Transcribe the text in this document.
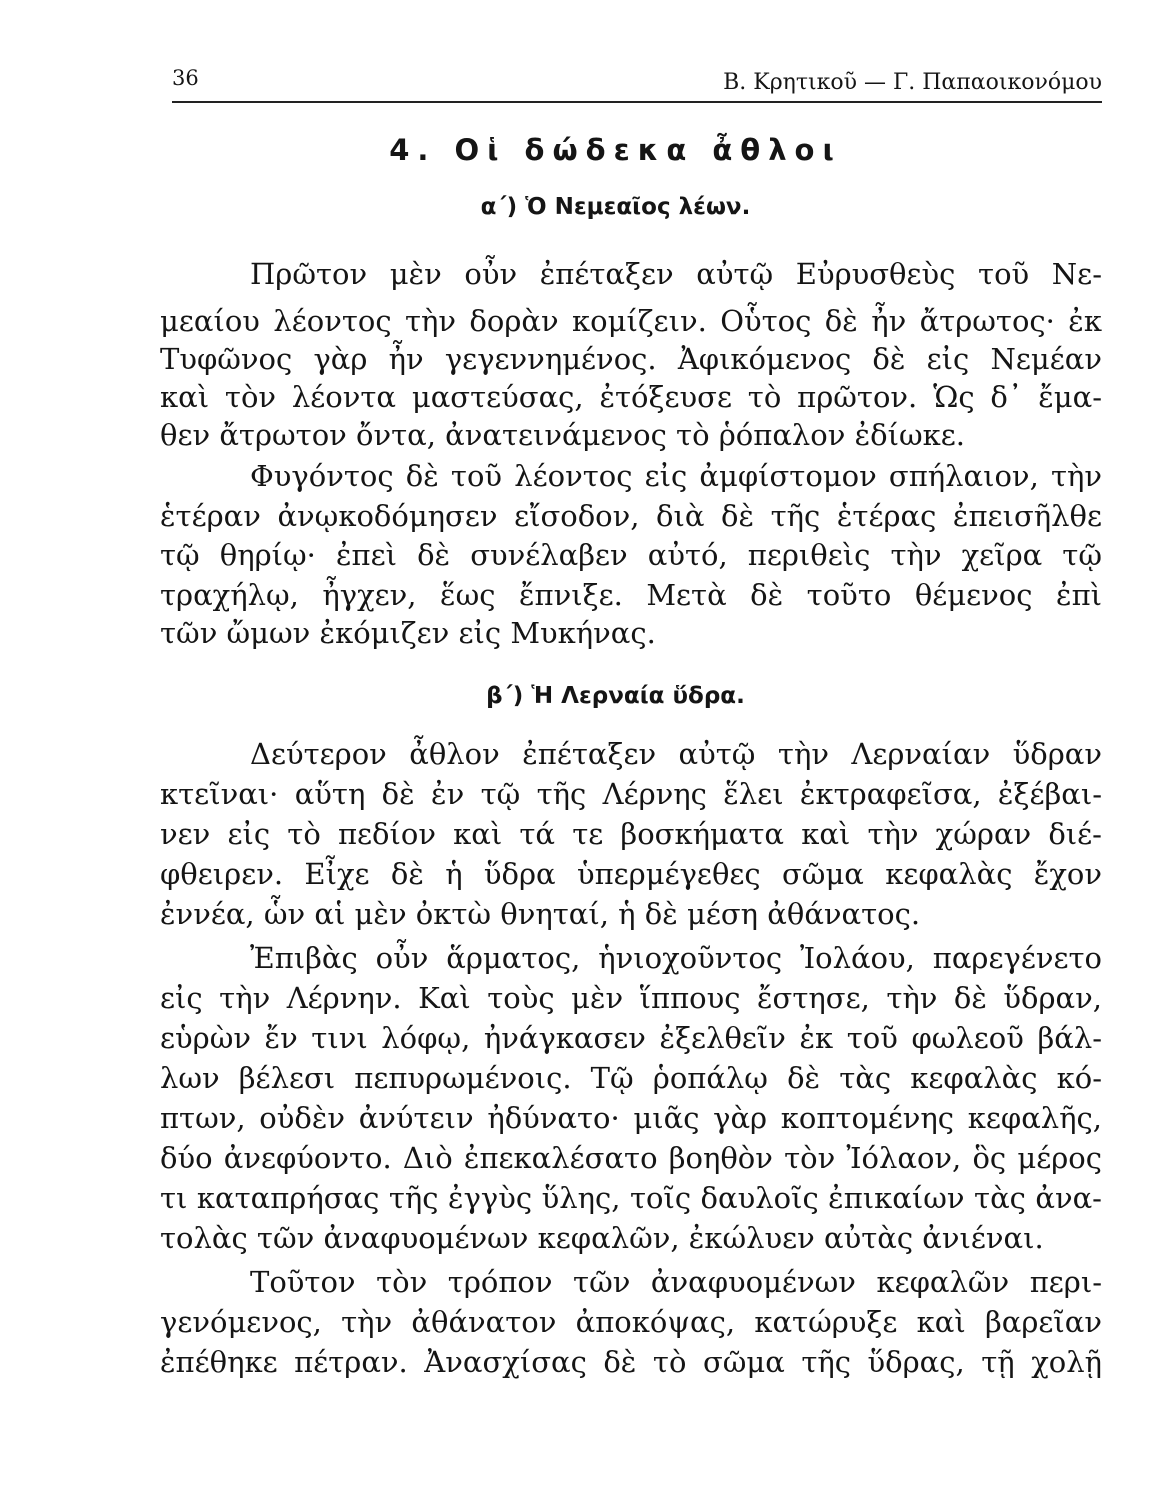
36	Β. Κρητικοῦ — Γ. Παπαοικονόμου
4. Οἱ δώδεκα ἆθλοι
α΄) Ὁ Νεμεαῖος λέων.
Πρῶτον μὲν οὖν ἐπέταξεν αὐτῷ Εὐρυσθεὺς τοῦ Νε-
μεαίου λέοντος τὴν δορὰν κομίζειν. Οὗτος δὲ ἦν ἄτρωτος· ἐκ
Τυφῶνος γὰρ ἦν γεγεννημένος. Ἀφικόμενος δὲ εἰς Νεμέαν
καὶ τὸν λέοντα μαστεύσας, ἐτόξευσε τὸ πρῶτον. Ὡς δ᾽ ἔμα-
θεν ἄτρωτον ὄντα, ἀνατεινάμενος τὸ ῥόπαλον ἐδίωκε.
Φυγόντος δὲ τοῦ λέοντος εἰς ἀμφίστομον σπήλαιον, τὴν
ἑτέραν ἀνῳκοδόμησεν εἴσοδον, διὰ δὲ τῆς ἑτέρας ἐπεισῆλθε
τῷ θηρίῳ· ἐπεὶ δὲ συνέλαβεν αὐτό, περιθεὶς τὴν χεῖρα τῷ
τραχήλῳ, ἦγχεν, ἕως ἔπνιξε. Μετὰ δὲ τοῦτο θέμενος ἐπὶ
τῶν ὤμων ἐκόμιζεν εἰς Μυκήνας.
β΄) Ἡ Λερναία ὕδρα.
Δεύτερον ἆθλον ἐπέταξεν αὐτῷ τὴν Λερναίαν ὕδραν
κτεῖναι· αὕτη δὲ ἐν τῷ τῆς Λέρνης ἕλει ἐκτραφεῖσα, ἐξέβαι-
νεν εἰς τὸ πεδίον καὶ τά τε βοσκήματα καὶ τὴν χώραν διέ-
φθειρεν. Εἶχε δὲ ἡ ὕδρα ὑπερμέγεθες σῶμα κεφαλὰς ἔχον
ἐννέα, ὧν αἱ μὲν ὀκτὼ θνηταί, ἡ δὲ μέση ἀθάνατος.
Ἐπιβὰς οὖν ἅρματος, ἡνιοχοῦντος Ἰολάου, παρεγένετο
εἰς τὴν Λέρνην. Καὶ τοὺς μὲν ἵππους ἔστησε, τὴν δὲ ὕδραν,
εὑρὼν ἔν τινι λόφῳ, ἠνάγκασεν ἐξελθεῖν ἐκ τοῦ φωλεοῦ βάλ-
λων βέλεσι πεπυρωμένοις. Τῷ ῥοπάλῳ δὲ τὰς κεφαλὰς κό-
πτων, οὐδὲν ἀνύτειν ἠδύνατο· μιᾶς γὰρ κοπτομένης κεφαλῆς,
δύο ἀνεφύοντο. Διὸ ἐπεκαλέσατο βοηθὸν τὸν Ἰόλαον, ὃς μέρος
τι καταπρήσας τῆς ἐγγὺς ὕλης, τοῖς δαυλοῖς ἐπικαίων τὰς ἀνα-
τολὰς τῶν ἀναφυομένων κεφαλῶν, ἐκώλυεν αὐτὰς ἀνιέναι.
Τοῦτον τὸν τρόπον τῶν ἀναφυομένων κεφαλῶν περι-
γενόμενος, τὴν ἀθάνατον ἀποκόψας, κατώρυξε καὶ βαρεῖαν
ἐπέθηκε πέτραν. Ἀνασχίσας δὲ τὸ σῶμα τῆς ὕδρας, τῇ χολῇ
